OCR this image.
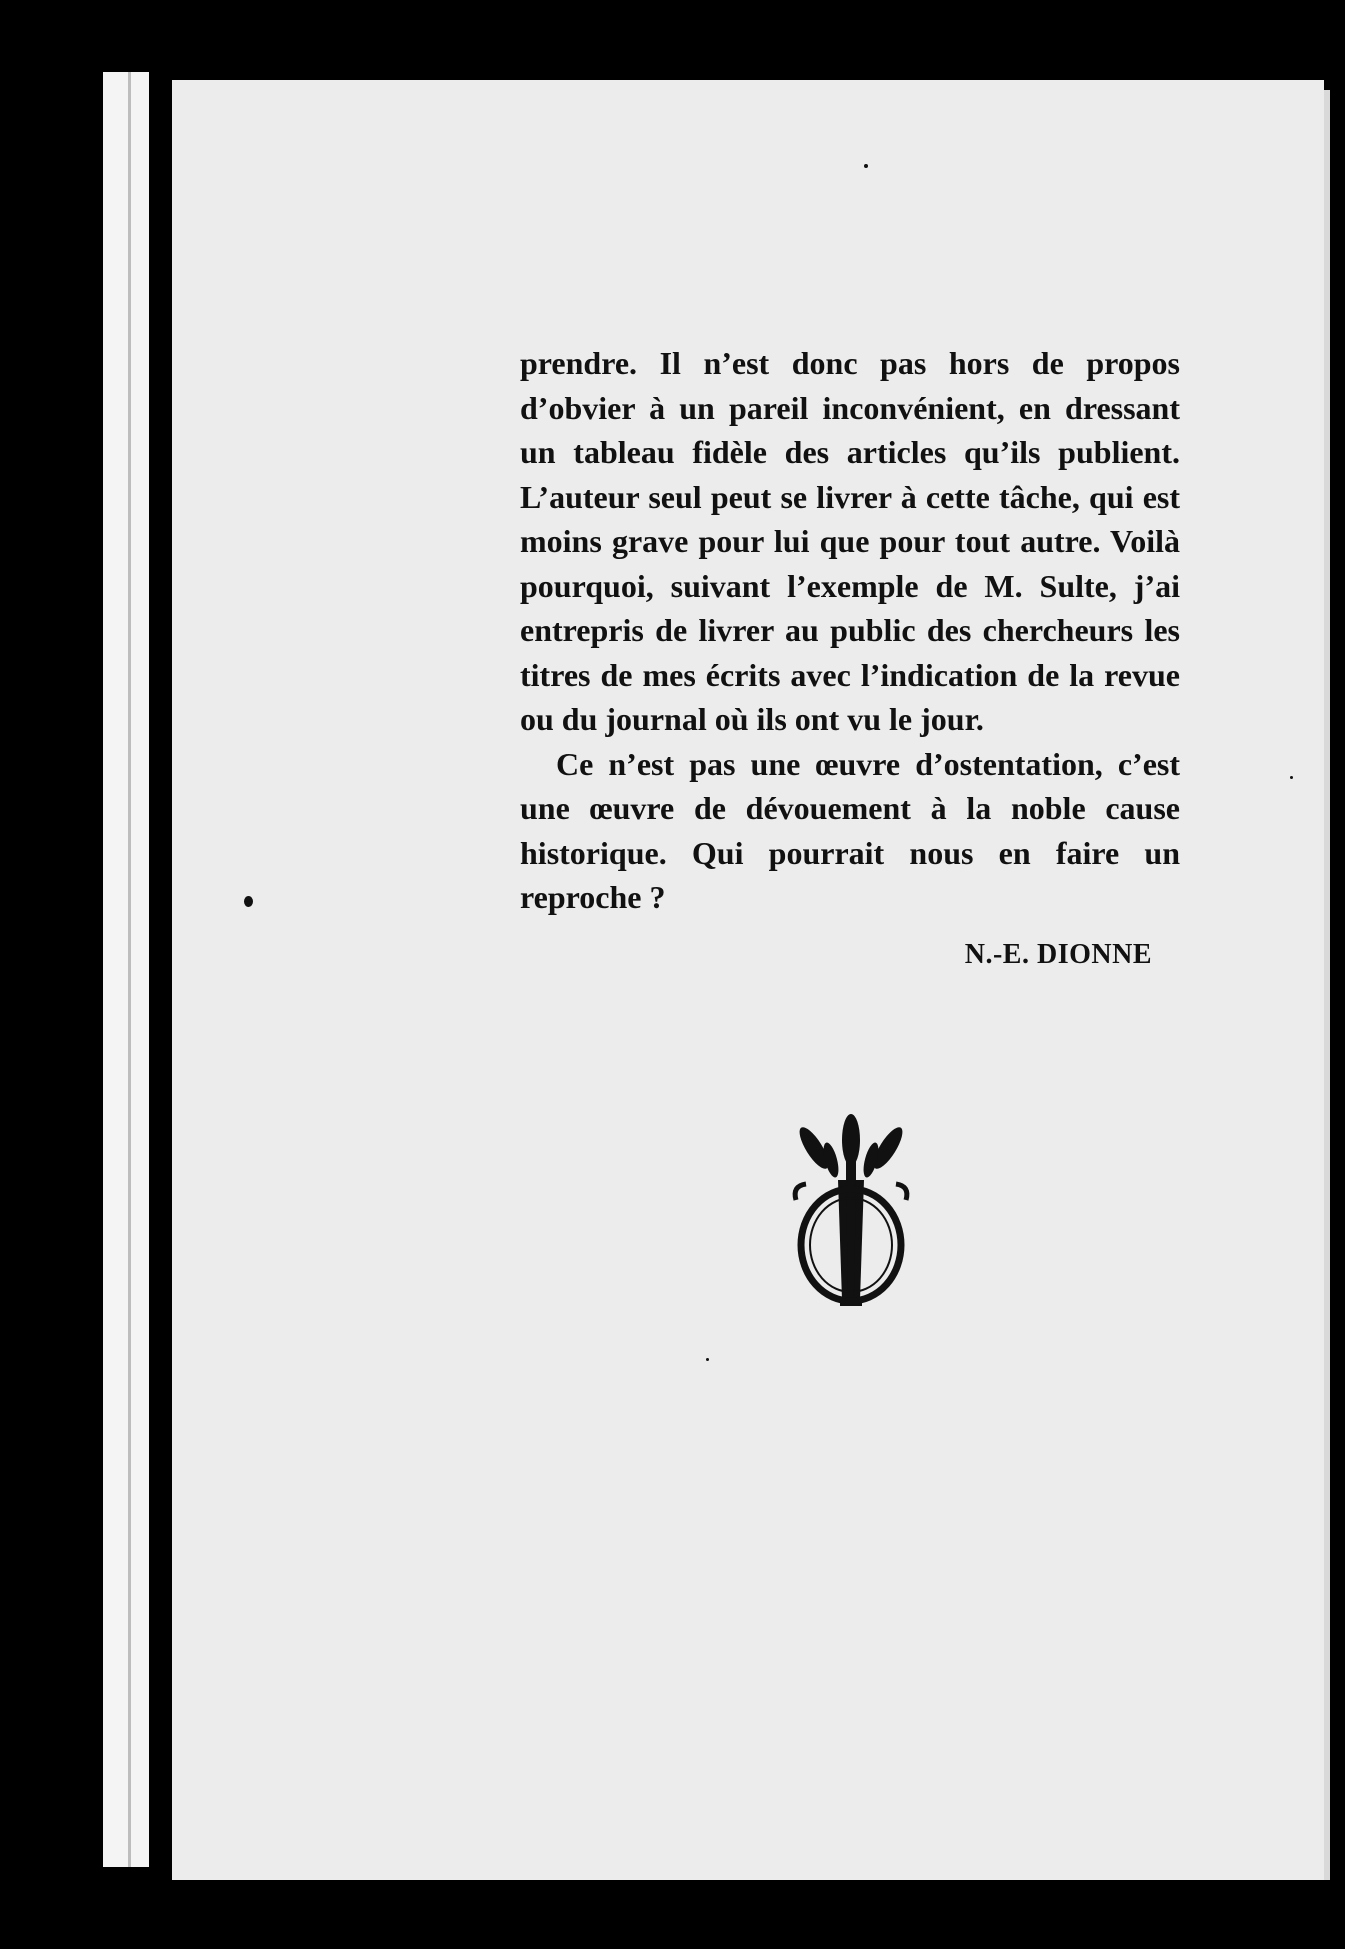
prendre. Il n’est donc pas hors de propos d’obvier à un pareil inconvénient, en dressant un tableau fidèle des articles qu’ils publient. L’auteur seul peut se livrer à cette tâche, qui est moins grave pour lui que pour tout autre. Voilà pourquoi, suivant l’exemple de M. Sulte, j’ai entrepris de livrer au public des chercheurs les titres de mes écrits avec l’indication de la revue ou du journal où ils ont vu le jour.

Ce n’est pas une œuvre d’ostentation, c’est une œuvre de dévouement à la noble cause historique. Qui pourrait nous en faire un reproche ?

N.-E. DIONNE
